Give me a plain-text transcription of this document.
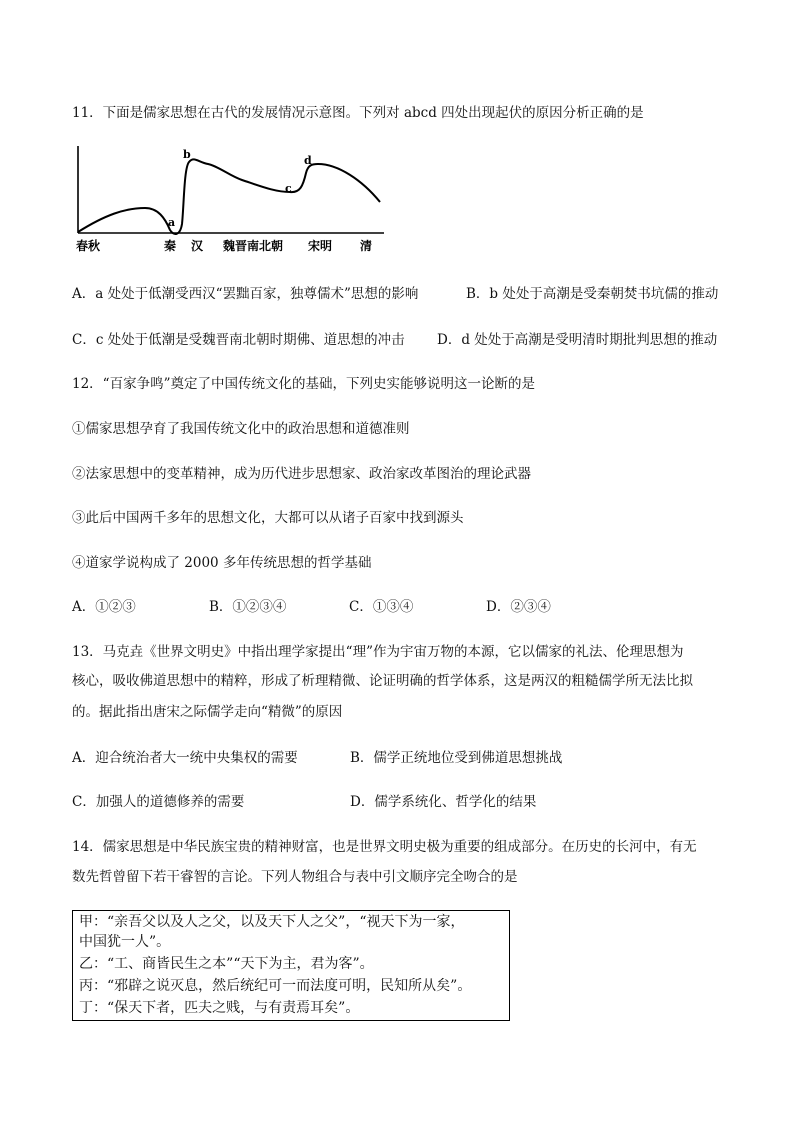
11．下面是儒家思想在古代的发展情况示意图。下列对 abcd 四处出现起伏的原因分析正确的是
a
b
c
d
春秋	秦 汉 魏晋南北朝 宋明 清
A．a 处处于低潮受西汉“罢黜百家，独尊儒术”思想的影响	B．b 处处于高潮是受秦朝焚书坑儒的推动
C．c 处处于低潮是受魏晋南北朝时期佛、道思想的冲击 D．d 处处于高潮是受明清时期批判思想的推动
12．“百家争鸣”奠定了中国传统文化的基础，下列史实能够说明这一论断的是
①儒家思想孕育了我国传统文化中的政治思想和道德准则
②法家思想中的变革精神，成为历代进步思想家、政治家改革图治的理论武器
③此后中国两千多年的思想文化，大都可以从诸子百家中找到源头
④道家学说构成了 2000 多年传统思想的哲学基础
A．①②③	B．①②③④	C．①③④	D．②③④
13．马克垚《世界文明史》中指出理学家提出“理”作为宇宙万物的本源，它以儒家的礼法、伦理思想为
核心，吸收佛道思想中的精粹，形成了析理精微、论证明确的哲学体系，这是两汉的粗糙儒学所无法比拟
的。据此指出唐宋之际儒学走向“精微”的原因
A．迎合统治者大一统中央集权的需要	B．儒学正统地位受到佛道思想挑战
C．加强人的道德修养的需要	D．儒学系统化、哲学化的结果
14．儒家思想是中华民族宝贵的精神财富，也是世界文明史极为重要的组成部分。在历史的长河中，有无
数先哲曾留下若干睿智的言论。下列人物组合与表中引文顺序完全吻合的是
甲：“亲吾父以及人之父，以及天下人之父”，“视天下为一家，
中国犹一人”。
乙：“工、商皆民生之本”“天下为主，君为客”。
丙：“邪辟之说灭息，然后统纪可一而法度可明，民知所从矣”。
丁：“保天下者，匹夫之贱，与有责焉耳矣”。
